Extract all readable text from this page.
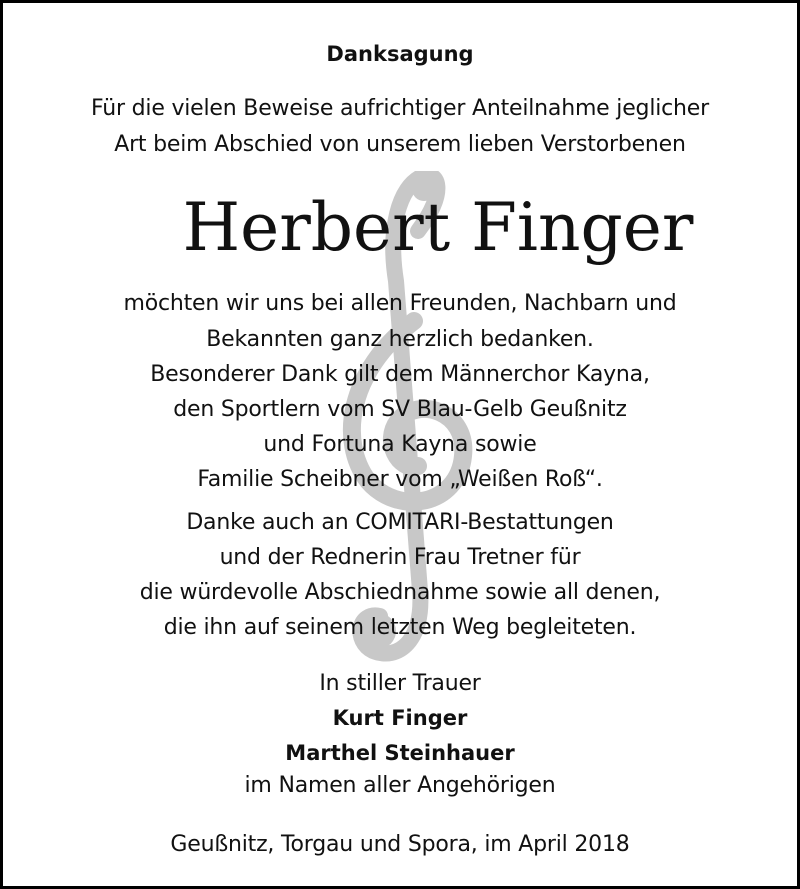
Danksagung
Für die vielen Beweise aufrichtiger Anteilnahme jeglicher
Art beim Abschied von unserem lieben Verstorbenen
Herbert Finger
möchten wir uns bei allen Freunden, Nachbarn und
Bekannten ganz herzlich bedanken.
Besonderer Dank gilt dem Männerchor Kayna,
den Sportlern vom SV Blau-Gelb Geußnitz
und Fortuna Kayna sowie
Familie Scheibner vom „Weißen Roß“.
Danke auch an COMITARI-Bestattungen
und der Rednerin Frau Tretner für
die würdevolle Abschiednahme sowie all denen,
die ihn auf seinem letzten Weg begleiteten.
In stiller Trauer
Kurt Finger
Marthel Steinhauer
im Namen aller Angehörigen
Geußnitz, Torgau und Spora, im April 2018
